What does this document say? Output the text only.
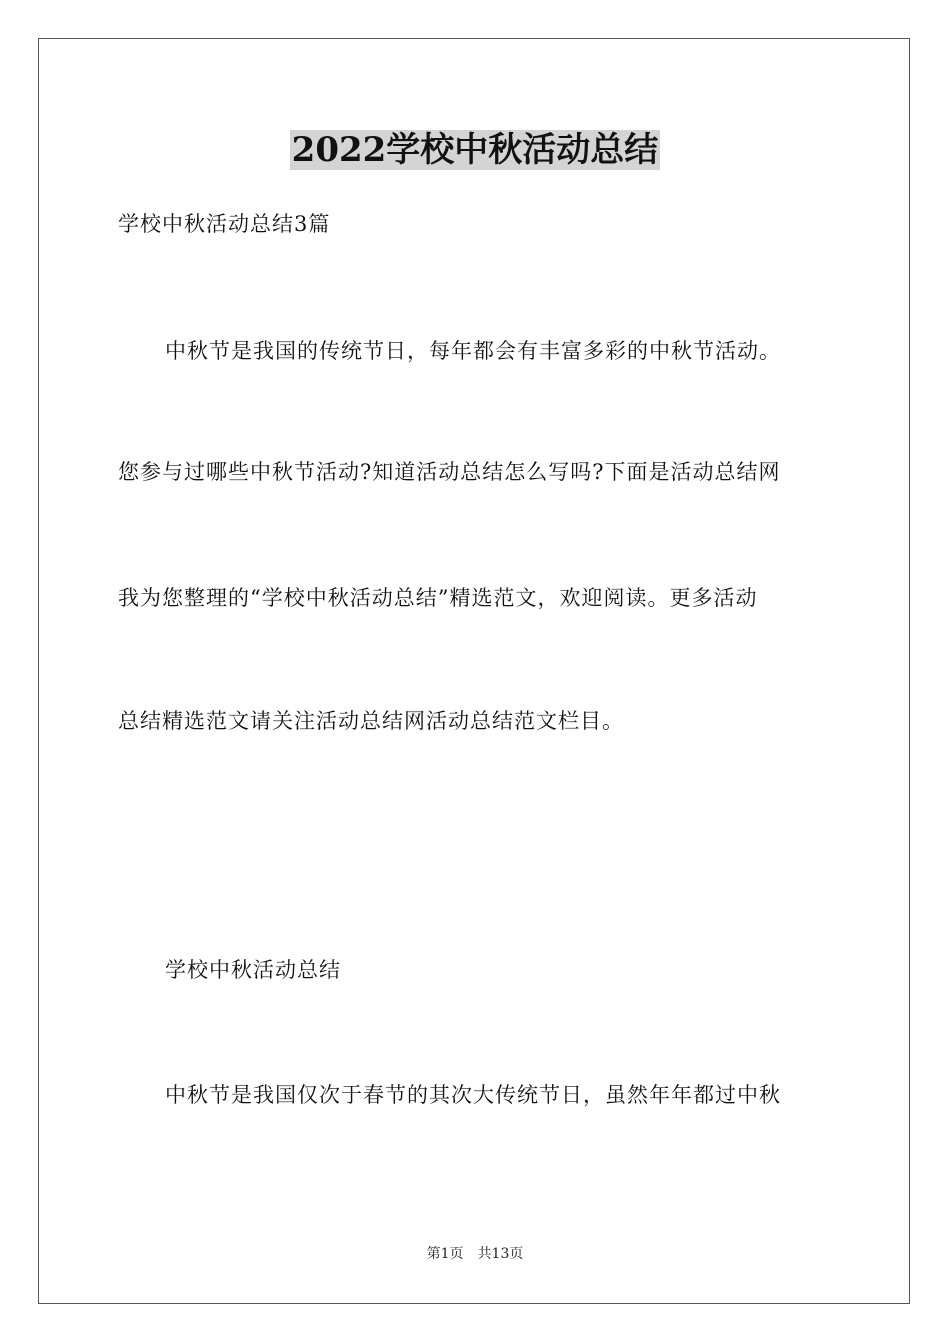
2022学校中秋活动总结
学校中秋活动总结3篇
中秋节是我国的传统节日，每年都会有丰富多彩的中秋节活动。
您参与过哪些中秋节活动?知道活动总结怎么写吗?下面是活动总结网
我为您整理的“学校中秋活动总结”精选范文，欢迎阅读。更多活动
总结精选范文请关注活动总结网活动总结范文栏目。
学校中秋活动总结
中秋节是我国仅次于春节的其次大传统节日，虽然年年都过中秋
第1页 共13页
